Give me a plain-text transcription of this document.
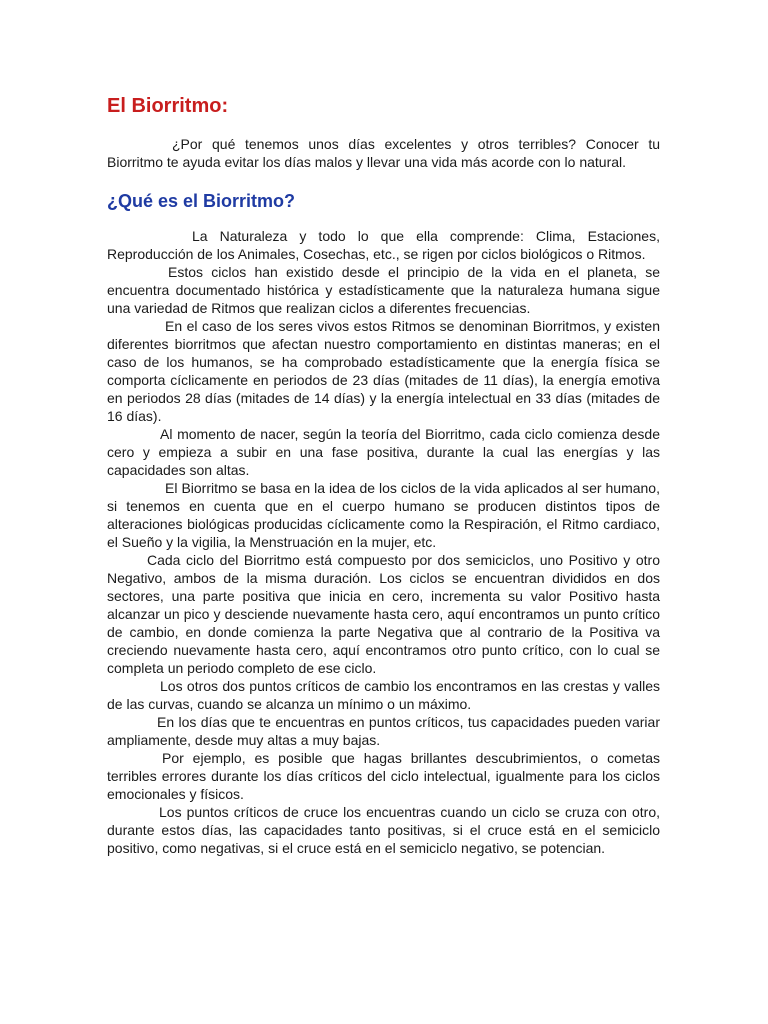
El Biorritmo:

¿Por qué tenemos unos días excelentes y otros terribles? Conocer tu Biorritmo te ayuda evitar los días malos y llevar una vida más acorde con lo natural.

¿Qué es el Biorritmo?

La Naturaleza y todo lo que ella comprende: Clima, Estaciones, Reproducción de los Animales, Cosechas, etc., se rigen por ciclos biológicos o Ritmos.

Estos ciclos han existido desde el principio de la vida en el planeta, se encuentra documentado histórica y estadísticamente que la naturaleza humana sigue una variedad de Ritmos que realizan ciclos a diferentes frecuencias.

En el caso de los seres vivos estos Ritmos se denominan Biorritmos, y existen diferentes biorritmos que afectan nuestro comportamiento en distintas maneras; en el caso de los humanos, se ha comprobado estadísticamente que la energía física se comporta cíclicamente en periodos de 23 días (mitades de 11 días), la energía emotiva en periodos 28 días (mitades de 14 días) y la energía intelectual en 33 días (mitades de 16 días).

Al momento de nacer, según la teoría del Biorritmo, cada ciclo comienza desde cero y empieza a subir en una fase positiva, durante la cual las energías y las capacidades son altas.

El Biorritmo se basa en la idea de los ciclos de la vida aplicados al ser humano, si tenemos en cuenta que en el cuerpo humano se producen distintos tipos de alteraciones biológicas producidas cíclicamente como la Respiración, el Ritmo cardiaco, el Sueño y la vigilia, la Menstruación en la mujer, etc.

Cada ciclo del Biorritmo está compuesto por dos semiciclos, uno Positivo y otro Negativo, ambos de la misma duración. Los ciclos se encuentran divididos en dos sectores, una parte positiva que inicia en cero, incrementa su valor Positivo hasta alcanzar un pico y desciende nuevamente hasta cero, aquí encontramos un punto crítico de cambio, en donde comienza la parte Negativa que al contrario de la Positiva va creciendo nuevamente hasta cero, aquí encontramos otro punto crítico, con lo cual se completa un periodo completo de ese ciclo.

Los otros dos puntos críticos de cambio los encontramos en las crestas y valles de las curvas, cuando se alcanza un mínimo o un máximo.

En los días que te encuentras en puntos críticos, tus capacidades pueden variar ampliamente, desde muy altas a muy bajas.

Por ejemplo, es posible que hagas brillantes descubrimientos, o cometas terribles errores durante los días críticos del ciclo intelectual, igualmente para los ciclos emocionales y físicos.

Los puntos críticos de cruce los encuentras cuando un ciclo se cruza con otro, durante estos días, las capacidades tanto positivas, si el cruce está en el semiciclo positivo, como negativas, si el cruce está en el semiciclo negativo, se potencian.
